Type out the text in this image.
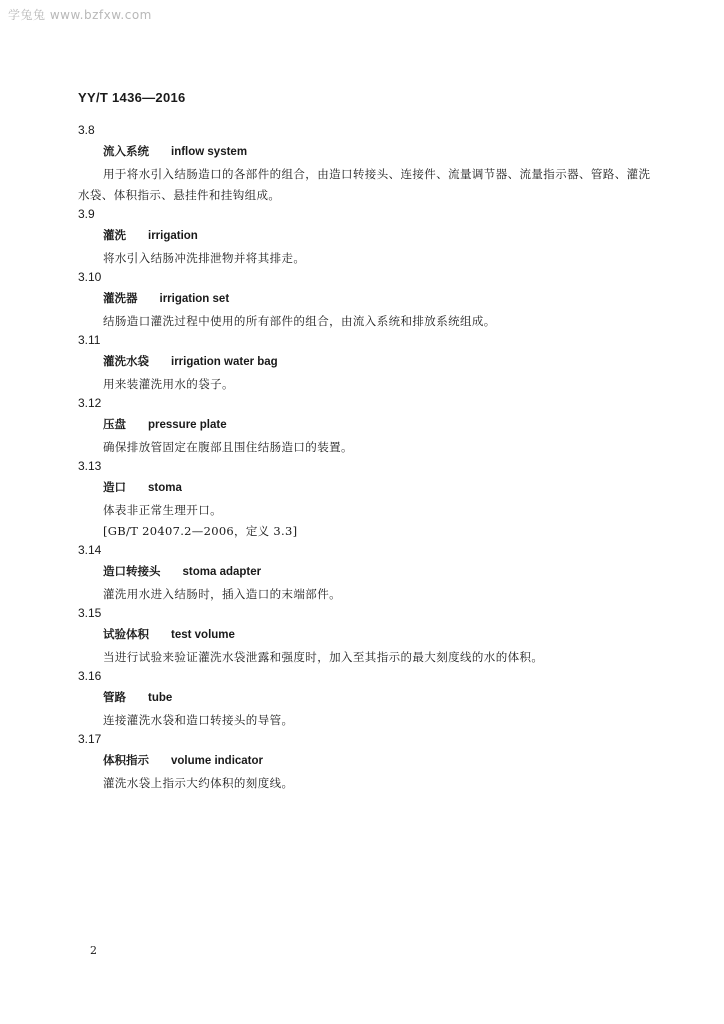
学兔兔 www.bzfxw.com
YY/T 1436—2016
3.8
流入系统 inflow system
用于将水引入结肠造口的各部件的组合，由造口转接头、连接件、流量调节器、流量指示器、管路、灌洗水袋、体积指示、悬挂件和挂钩组成。
3.9
灌洗 irrigation
将水引入结肠冲洗排泄物并将其排走。
3.10
灌洗器 irrigation set
结肠造口灌洗过程中使用的所有部件的组合，由流入系统和排放系统组成。
3.11
灌洗水袋 irrigation water bag
用来装灌洗用水的袋子。
3.12
压盘 pressure plate
确保排放管固定在腹部且围住结肠造口的装置。
3.13
造口 stoma
体表非正常生理开口。
[GB/T 20407.2—2006，定义 3.3]
3.14
造口转接头 stoma adapter
灌洗用水进入结肠时，插入造口的末端部件。
3.15
试验体积 test volume
当进行试验来验证灌洗水袋泄露和强度时，加入至其指示的最大刻度线的水的体积。
3.16
管路 tube
连接灌洗水袋和造口转接头的导管。
3.17
体积指示 volume indicator
灌洗水袋上指示大约体积的刻度线。
2
